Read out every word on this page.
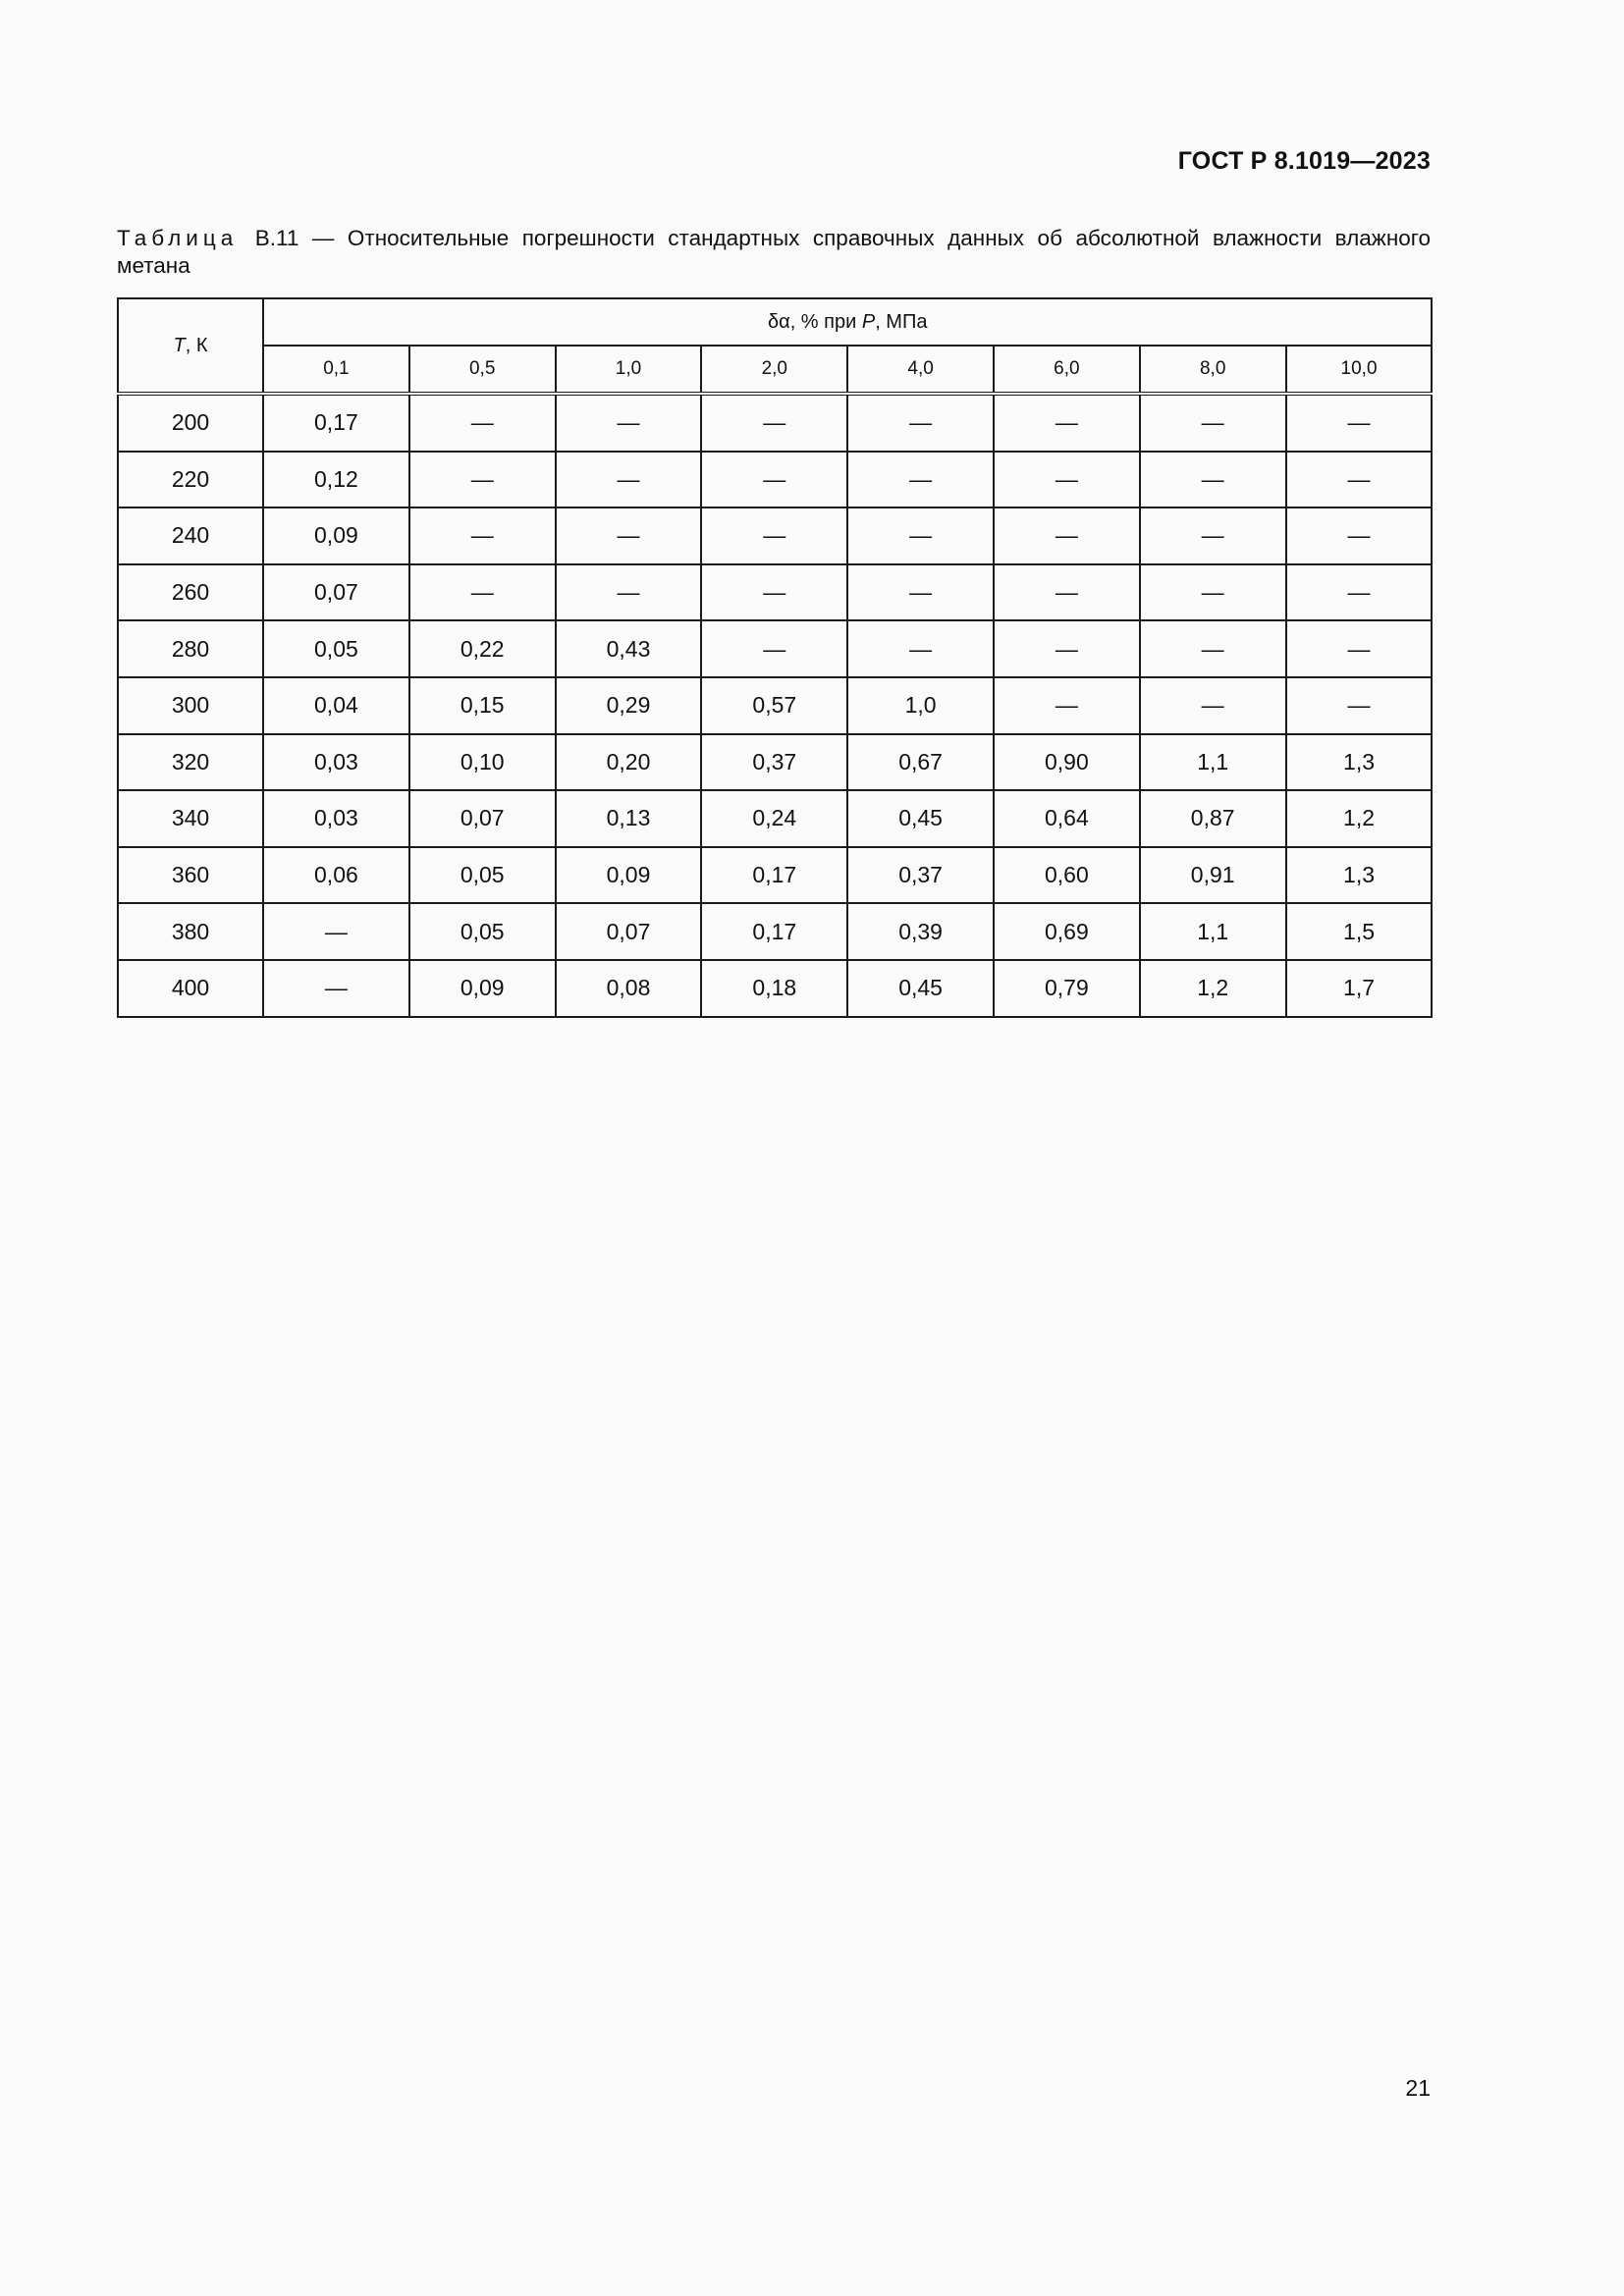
ГОСТ Р 8.1019—2023
Таблица В.11 — Относительные погрешности стандартных справочных данных об абсолютной влажности влажного метана
T, К	δα, % при P, МПа							
	0,1	0,5	1,0	2,0	4,0	6,0	8,0	10,0
200	0,17	—	—	—	—	—	—	—
220	0,12	—	—	—	—	—	—	—
240	0,09	—	—	—	—	—	—	—
260	0,07	—	—	—	—	—	—	—
280	0,05	0,22	0,43	—	—	—	—	—
300	0,04	0,15	0,29	0,57	1,0	—	—	—
320	0,03	0,10	0,20	0,37	0,67	0,90	1,1	1,3
340	0,03	0,07	0,13	0,24	0,45	0,64	0,87	1,2
360	0,06	0,05	0,09	0,17	0,37	0,60	0,91	1,3
380	—	0,05	0,07	0,17	0,39	0,69	1,1	1,5
400	—	0,09	0,08	0,18	0,45	0,79	1,2	1,7
21
